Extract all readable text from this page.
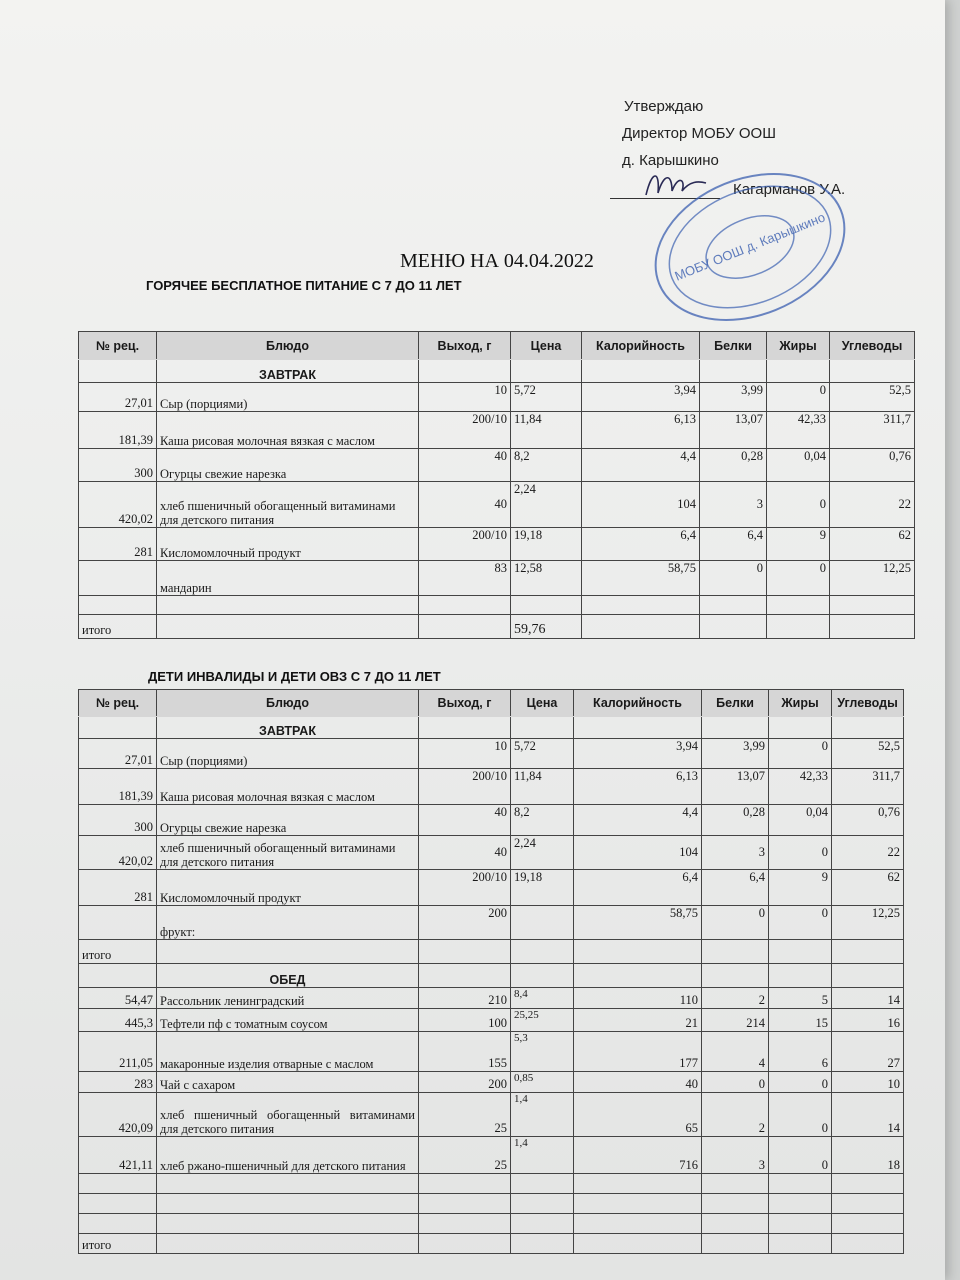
Утверждаю
Директор МОБУ ООШ
д. Карышкино
Кагарманов У.А.
МОБУ ООШ д. Карышкино
МЕНЮ НА 04.04.2022
ГОРЯЧЕЕ БЕСПЛАТНОЕ ПИТАНИЕ С 7 ДО 11 ЛЕТ
№ рец.	Блюдо	Выход, г	Цена	Калорийность	Белки	Жиры	Углеводы
	ЗАВТРАК						
27,01	Сыр (порциями)	10	5,72	3,94	3,99	0	52,5
181,39	Каша рисовая молочная вязкая с маслом	200/10	11,84	6,13	13,07	42,33	311,7
300	Огурцы свежие нарезка	40	8,2	4,4	0,28	0,04	0,76
420,02	хлеб пшеничный обогащенный витаминами для детского питания	40	2,24	104	3	0	22
281	Кисломомлочный продукт	200/10	19,18	6,4	6,4	9	62
	мандарин	83	12,58	58,75	0	0	12,25

итого			59,76				
ДЕТИ ИНВАЛИДЫ И ДЕТИ ОВЗ С 7 ДО 11 ЛЕТ
№ рец.	Блюдо	Выход, г	Цена	Калорийность	Белки	Жиры	Углеводы
	ЗАВТРАК						
27,01	Сыр (порциями)	10	5,72	3,94	3,99	0	52,5
181,39	Каша рисовая молочная вязкая с маслом	200/10	11,84	6,13	13,07	42,33	311,7
300	Огурцы свежие нарезка	40	8,2	4,4	0,28	0,04	0,76
420,02	хлеб пшеничный обогащенный витаминами для детского питания	40	2,24	104	3	0	22
281	Кисломомлочный продукт	200/10	19,18	6,4	6,4	9	62
	фрукт:	200		58,75	0	0	12,25
итого							
	ОБЕД						
54,47	Рассольник ленинградский	210	8,4	110	2	5	14
445,3	Тефтели пф с томатным соусом	100	25,25	21	214	15	16
211,05	макаронные изделия отварные с маслом	155	5,3	177	4	6	27
283	Чай с сахаром	200	0,85	40	0	0	10
420,09	хлеб пшеничный обогащенный витаминами для детского питания	25	1,4	65	2	0	14
421,11	хлеб ржано-пшеничный для детского питания	25	1,4	716	3	0	18

итого							
